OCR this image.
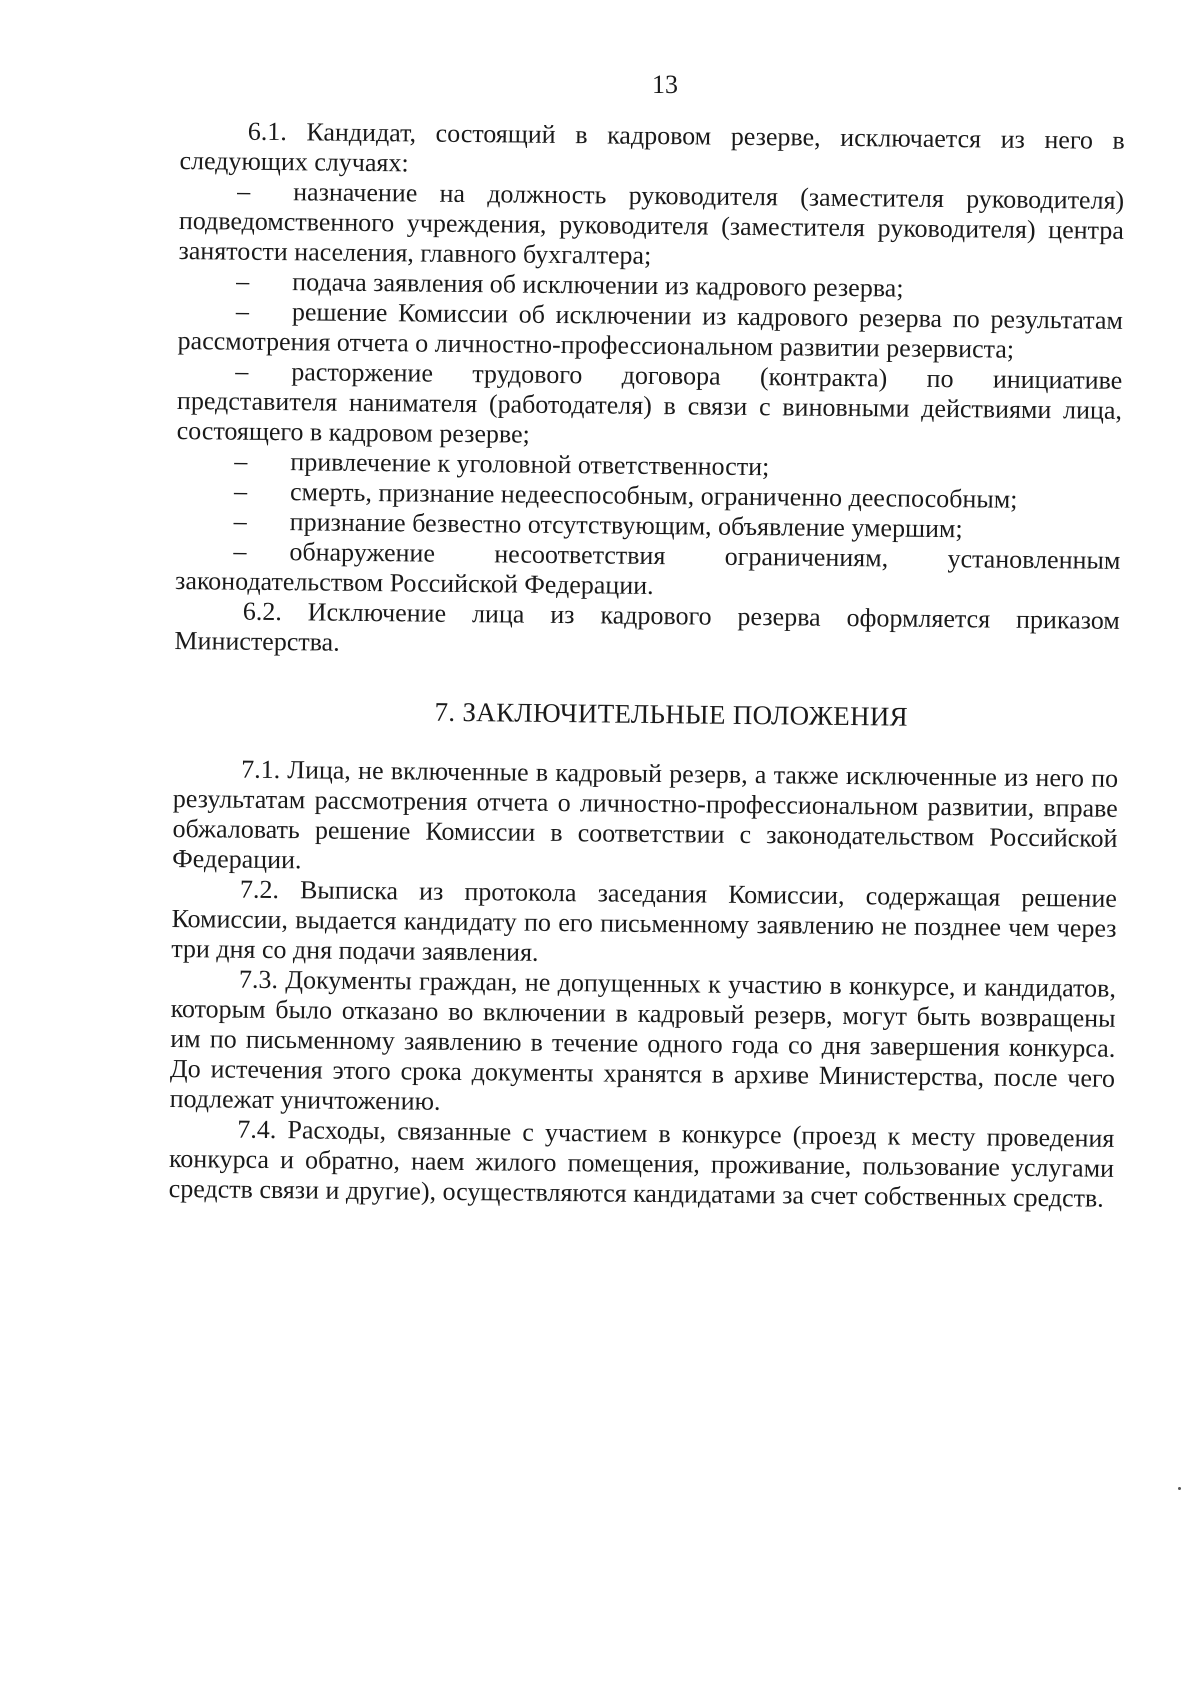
13

6.1. Кандидат, состоящий в кадровом резерве, исключается из него в следующих случаях:

– назначение на должность руководителя (заместителя руководителя) подведомственного учреждения, руководителя (заместителя руководителя) центра занятости населения, главного бухгалтера;

– подача заявления об исключении из кадрового резерва;

– решение Комиссии об исключении из кадрового резерва по результатам рассмотрения отчета о личностно-профессиональном развитии резервиста;

– расторжение трудового договора (контракта) по инициативе представителя нанимателя (работодателя) в связи с виновными действиями лица, состоящего в кадровом резерве;

– привлечение к уголовной ответственности;

– смерть, признание недееспособным, ограниченно дееспособным;

– признание безвестно отсутствующим, объявление умершим;

– обнаружение несоответствия ограничениям, установленным законодательством Российской Федерации.

6.2. Исключение лица из кадрового резерва оформляется приказом Министерства.

7. ЗАКЛЮЧИТЕЛЬНЫЕ ПОЛОЖЕНИЯ

7.1. Лица, не включенные в кадровый резерв, а также исключенные из него по результатам рассмотрения отчета о личностно-профессиональном развитии, вправе обжаловать решение Комиссии в соответствии с законодательством Российской Федерации.

7.2. Выписка из протокола заседания Комиссии, содержащая решение Комиссии, выдается кандидату по его письменному заявлению не позднее чем через три дня со дня подачи заявления.

7.3. Документы граждан, не допущенных к участию в конкурсе, и кандидатов, которым было отказано во включении в кадровый резерв, могут быть возвращены им по письменному заявлению в течение одного года со дня завершения конкурса. До истечения этого срока документы хранятся в архиве Министерства, после чего подлежат уничтожению.

7.4. Расходы, связанные с участием в конкурсе (проезд к месту проведения конкурса и обратно, наем жилого помещения, проживание, пользование услугами средств связи и другие), осуществляются кандидатами за счет собственных средств.
